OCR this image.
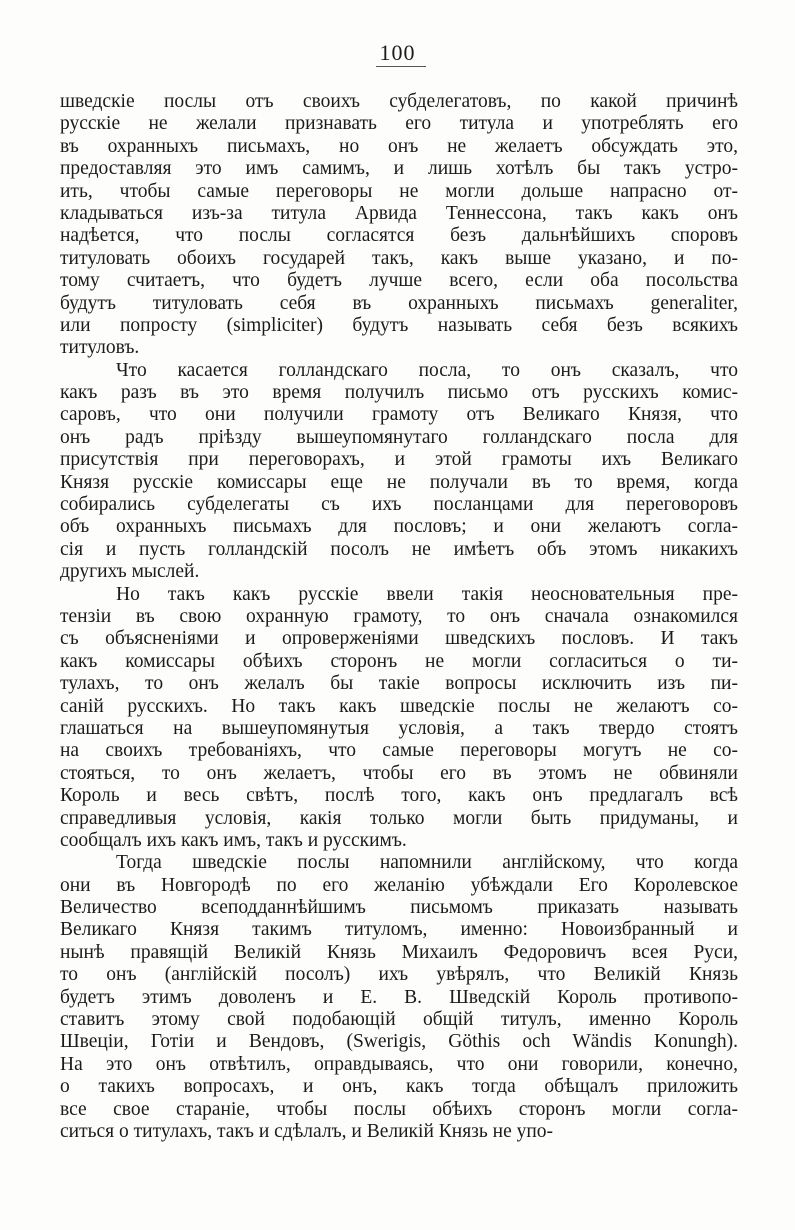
100
шведскіе послы отъ своихъ субделегатовъ, по какой причинѣ
русскіе не желали признавать его титула и употреблять его
въ охранныхъ письмахъ, но онъ не желаетъ обсуждать это,
предоставляя это имъ самимъ, и лишь хотѣлъ бы такъ устро-
ить, чтобы самые переговоры не могли дольше напрасно от-
кладываться изъ-за титула Арвида Теннессона, такъ какъ онъ
надѣется, что послы согласятся безъ дальнѣйшихъ споровъ
титуловать обоихъ государей такъ, какъ выше указано, и по-
тому считаетъ, что будетъ лучше всего, если оба посольства
будутъ титуловать себя въ охранныхъ письмахъ generaliter,
или попросту (simpliciter) будутъ называть себя безъ всякихъ
титуловъ.
Что касается голландскаго посла, то онъ сказалъ, что
какъ разъ въ это время получилъ письмо отъ русскихъ комис-
саровъ, что они получили грамоту отъ Великаго Князя, что
онъ радъ пріѣзду вышеупомянутаго голландскаго посла для
присутствія при переговорахъ, и этой грамоты ихъ Великаго
Князя русскіе комиссары еще не получали въ то время, когда
собирались субделегаты съ ихъ посланцами для переговоровъ
объ охранныхъ письмахъ для пословъ; и они желаютъ согла-
сія и пусть голландскій посолъ не имѣетъ объ этомъ никакихъ
другихъ мыслей.
Но такъ какъ русскіе ввели такія неосновательныя пре-
тензіи въ свою охранную грамоту, то онъ сначала ознакомился
съ объясненіями и опроверженіями шведскихъ пословъ. И такъ
какъ комиссары обѣихъ сторонъ не могли согласиться о ти-
тулахъ, то онъ желалъ бы такіе вопросы исключить изъ пи-
саній русскихъ. Но такъ какъ шведскіе послы не желаютъ со-
глашаться на вышеупомянутыя условія, а такъ твердо стоятъ
на своихъ требованіяхъ, что самые переговоры могутъ не со-
стояться, то онъ желаетъ, чтобы его въ этомъ не обвиняли
Король и весь свѣтъ, послѣ того, какъ онъ предлагалъ всѣ
справедливыя условія, какія только могли быть придуманы, и
сообщалъ ихъ какъ имъ, такъ и русскимъ.
Тогда шведскіе послы напомнили англійскому, что когда
они въ Новгородѣ по его желанію убѣждали Его Королевское
Величество всеподданнѣйшимъ письмомъ приказать называть
Великаго Князя такимъ титуломъ, именно: Новоизбранный и
нынѣ правящій Великій Князь Михаилъ Федоровичъ всея Руси,
то онъ (англійскій посолъ) ихъ увѣрялъ, что Великій Князь
будетъ этимъ доволенъ и Е. В. Шведскій Король противопо-
ставитъ этому свой подобающій общій титулъ, именно Король
Швеціи, Готіи и Вендовъ, (Swerigis, Göthis och Wändis Konungh).
На это онъ отвѣтилъ, оправдываясь, что они говорили, конечно,
о такихъ вопросахъ, и онъ, какъ тогда обѣщалъ приложить
все свое стараніе, чтобы послы обѣихъ сторонъ могли согла-
ситься о титулахъ, такъ и сдѣлалъ, и Великій Князь не упо-
